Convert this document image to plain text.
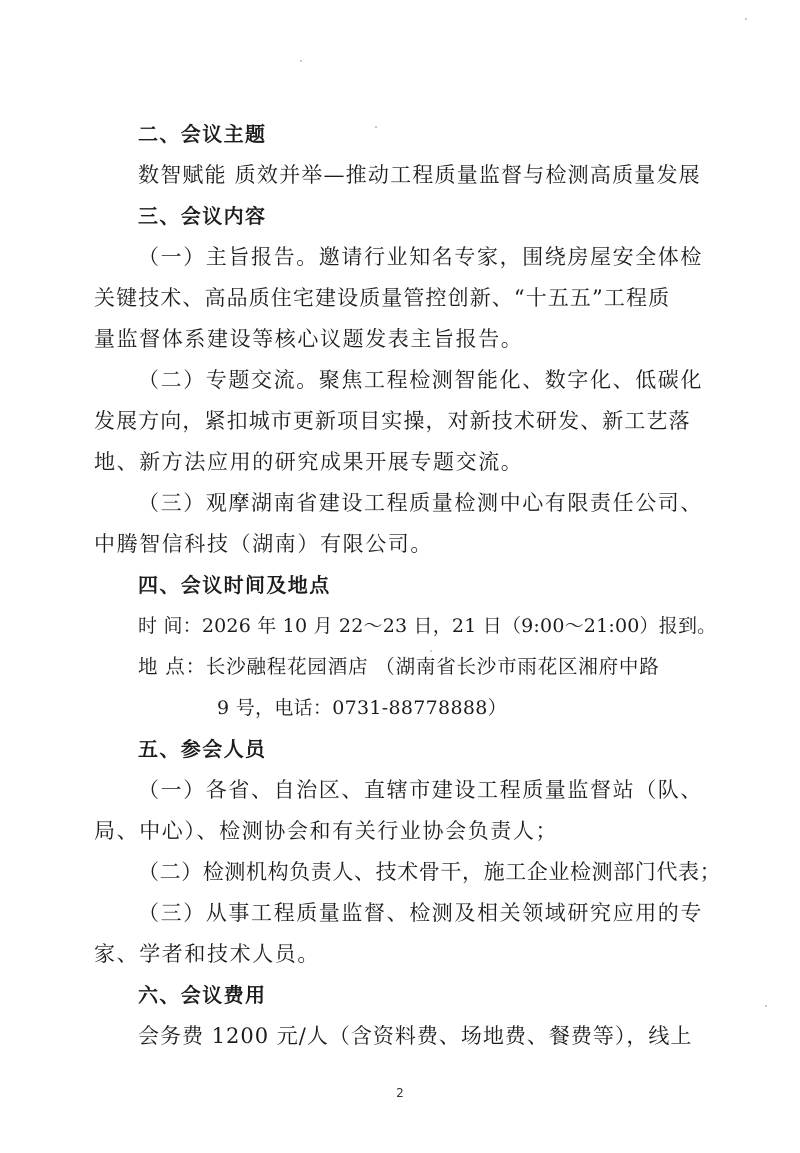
二、会议主题
数智赋能 质效并举—推动工程质量监督与检测高质量发展
三、会议内容
（一）主旨报告。邀请行业知名专家，围绕房屋安全体检
关键技术、高品质住宅建设质量管控创新、“十五五”工程质
量监督体系建设等核心议题发表主旨报告。
（二）专题交流。聚焦工程检测智能化、数字化、低碳化
发展方向，紧扣城市更新项目实操，对新技术研发、新工艺落
地、新方法应用的研究成果开展专题交流。
（三）观摩湖南省建设工程质量检测中心有限责任公司、
中腾智信科技（湖南）有限公司。
四、会议时间及地点
时 间：2026 年 10 月 22～23 日，21 日（9:00～21:00）报到。
地 点：长沙融程花园酒店 （湖南省长沙市雨花区湘府中路
9 号，电话：0731-88778888）
五、参会人员
（一）各省、自治区、直辖市建设工程质量监督站（队、
局、中心）、检测协会和有关行业协会负责人；
（二）检测机构负责人、技术骨干，施工企业检测部门代表；
（三）从事工程质量监督、检测及相关领域研究应用的专
家、学者和技术人员。
六、会议费用
会务费 1200 元/人（含资料费、场地费、餐费等），线上
2
